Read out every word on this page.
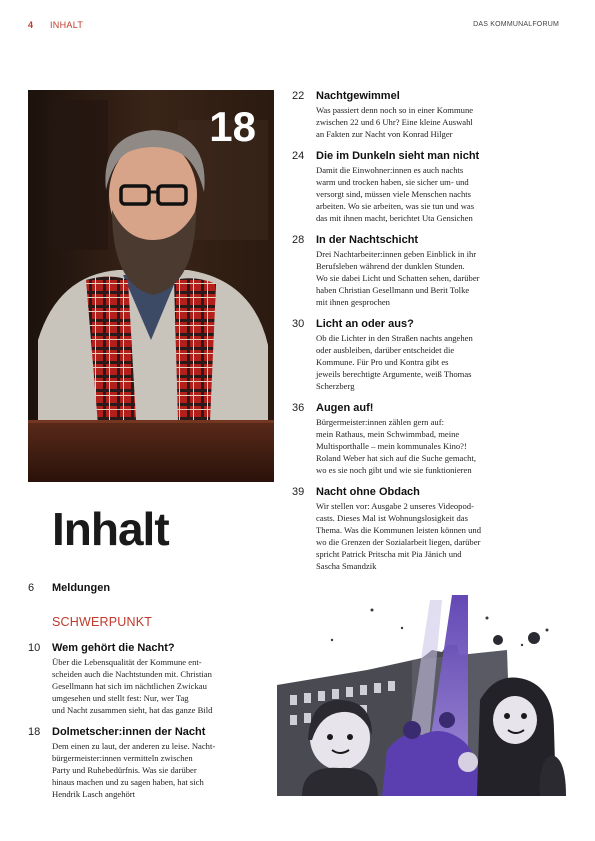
4 INHALT	DAS KOMMUNALFORUM
18
Inhalt
6 Meldungen
SCHWERPUNKT
10 Wem gehört die Nacht?
Über die Lebensqualität der Kommune ent-
scheiden auch die Nachtstunden mit. Christian
Gesellmann hat sich im nächtlichen Zwickau
umgesehen und stellt fest: Nur, wer Tag
und Nacht zusammen sieht, hat das ganze Bild
18 Dolmetscher:innen der Nacht
Dem einen zu laut, der anderen zu leise. Nacht-
bürgermeister:innen vermitteln zwischen
Party und Ruhebedürfnis. Was sie darüber
hinaus machen und zu sagen haben, hat sich
Hendrik Lasch angehört
22 Nachtgewimmel
Was passiert denn noch so in einer Kommune
zwischen 22 und 6 Uhr? Eine kleine Auswahl
an Fakten zur Nacht von Konrad Hilger
24 Die im Dunkeln sieht man nicht
Damit die Einwohner:innen es auch nachts
warm und trocken haben, sie sicher um- und
versorgt sind, müssen viele Menschen nachts
arbeiten. Wo sie arbeiten, was sie tun und was
das mit ihnen macht, berichtet Uta Gensichen
28 In der Nachtschicht
Drei Nachtarbeiter:innen geben Einblick in ihr
Berufsleben während der dunklen Stunden.
Wo sie dabei Licht und Schatten sehen, darüber
haben Christian Gesellmann und Berit Tolke
mit ihnen gesprochen
30 Licht an oder aus?
Ob die Lichter in den Straßen nachts angehen
oder ausbleiben, darüber entscheidet die
Kommune. Für Pro und Kontra gibt es
jeweils berechtigte Argumente, weiß Thomas
Scherzberg
36 Augen auf!
Bürgermeister:innen zählen gern auf:
mein Rathaus, mein Schwimmbad, meine
Multisporthalle – mein kommunales Kino?!
Roland Weber hat sich auf die Suche gemacht,
wo es sie noch gibt und wie sie funktionieren
39 Nacht ohne Obdach
Wir stellen vor: Ausgabe 2 unseres Videopod-
casts. Dieses Mal ist Wohnungslosigkeit das
Thema. Was die Kommunen leisten können und
wo die Grenzen der Sozialarbeit liegen, darüber
spricht Patrick Pritscha mit Pia Jänich und
Sascha Smandzik
